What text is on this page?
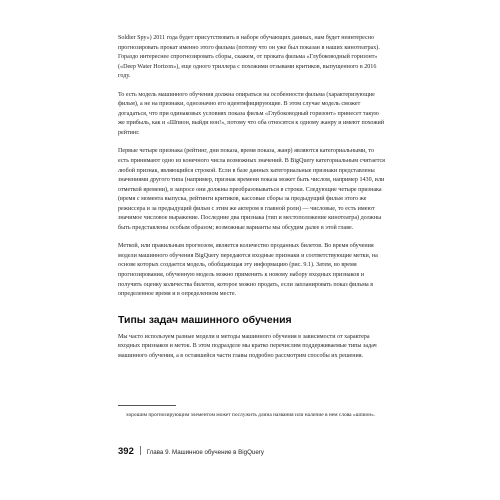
Soldier Spy») 2011 года будет присутствовать в наборе обучающих данных, нам будет неинтересно прогнозировать прокат именно этого фильма (потому что он уже был показан в наших кинотеатрах). Гораздо интереснее спрогнозировать сборы, скажем, от проката фильма «Глубоководный горизонт» («Deep Water Horizon»), еще одного триллера с похожими отзывами критиков, выпущенного в 2016 году.

То есть модель машинного обучения должна опираться на особенности фильма (характеризующие фильм), а не на признаки, однозначно его идентифицирующие. В этом случае модель сможет догадаться, что при одинаковых условиях показа фильм «Глубоководный горизонт» принесет такую же прибыль, как и «Шпион, выйди вон!», потому что оба относятся к одному жанру и имеют похожий рейтинг.

Первые четыре признака (рейтинг, дни показа, время показа, жанр) являются категориальными, то есть принимают одно из конечного числа возможных значений. В BigQuery категориальным считается любой признак, являющийся строкой. Если в базе данных категориальные признаки представлены значениями другого типа (например, признак времени показа может быть числом, например 1430, или отметкой времени), в запросе они должны преобразовываться в строки. Следующие четыре признака (время с момента выпуска, рейтинги критиков, кассовые сборы за предыдущий фильм этого же режиссера и за предыдущий фильм с этим же актером в главной роли) — числовые, то есть имеют значимое числовое выражение. Последние два признака (тип и местоположение кинотеатра) должны быть представлены особым образом; возможные варианты мы обсудим далее в этой главе.

Меткой, или правильным прогнозом, является количество проданных билетов. Во время обучения модели машинного обучения BigQuery передаются входные признаки и соответствующие метки, на основе которых создается модель, обобщающая эту информацию (рис. 9.1). Затем, во время прогнозирования, обученную модель можно применить к новому набору входных признаков и получить оценку количества билетов, которое можно продать, если запланировать показ фильма в определенное время и в определенном месте.

Типы задач машинного обучения

Мы часто используем разные модели и методы машинного обучения в зависимости от характера входных признаков и меток. В этом подразделе мы кратко перечислим поддерживаемые типы задач машинного обучения, а в оставшейся части главы подробно рассмотрим способы их решения.

хорошим прогнозирующим элементом может послужить длина названия или наличие в нем слова «шпион».
392 Глава 9. Машинное обучение в BigQuery
